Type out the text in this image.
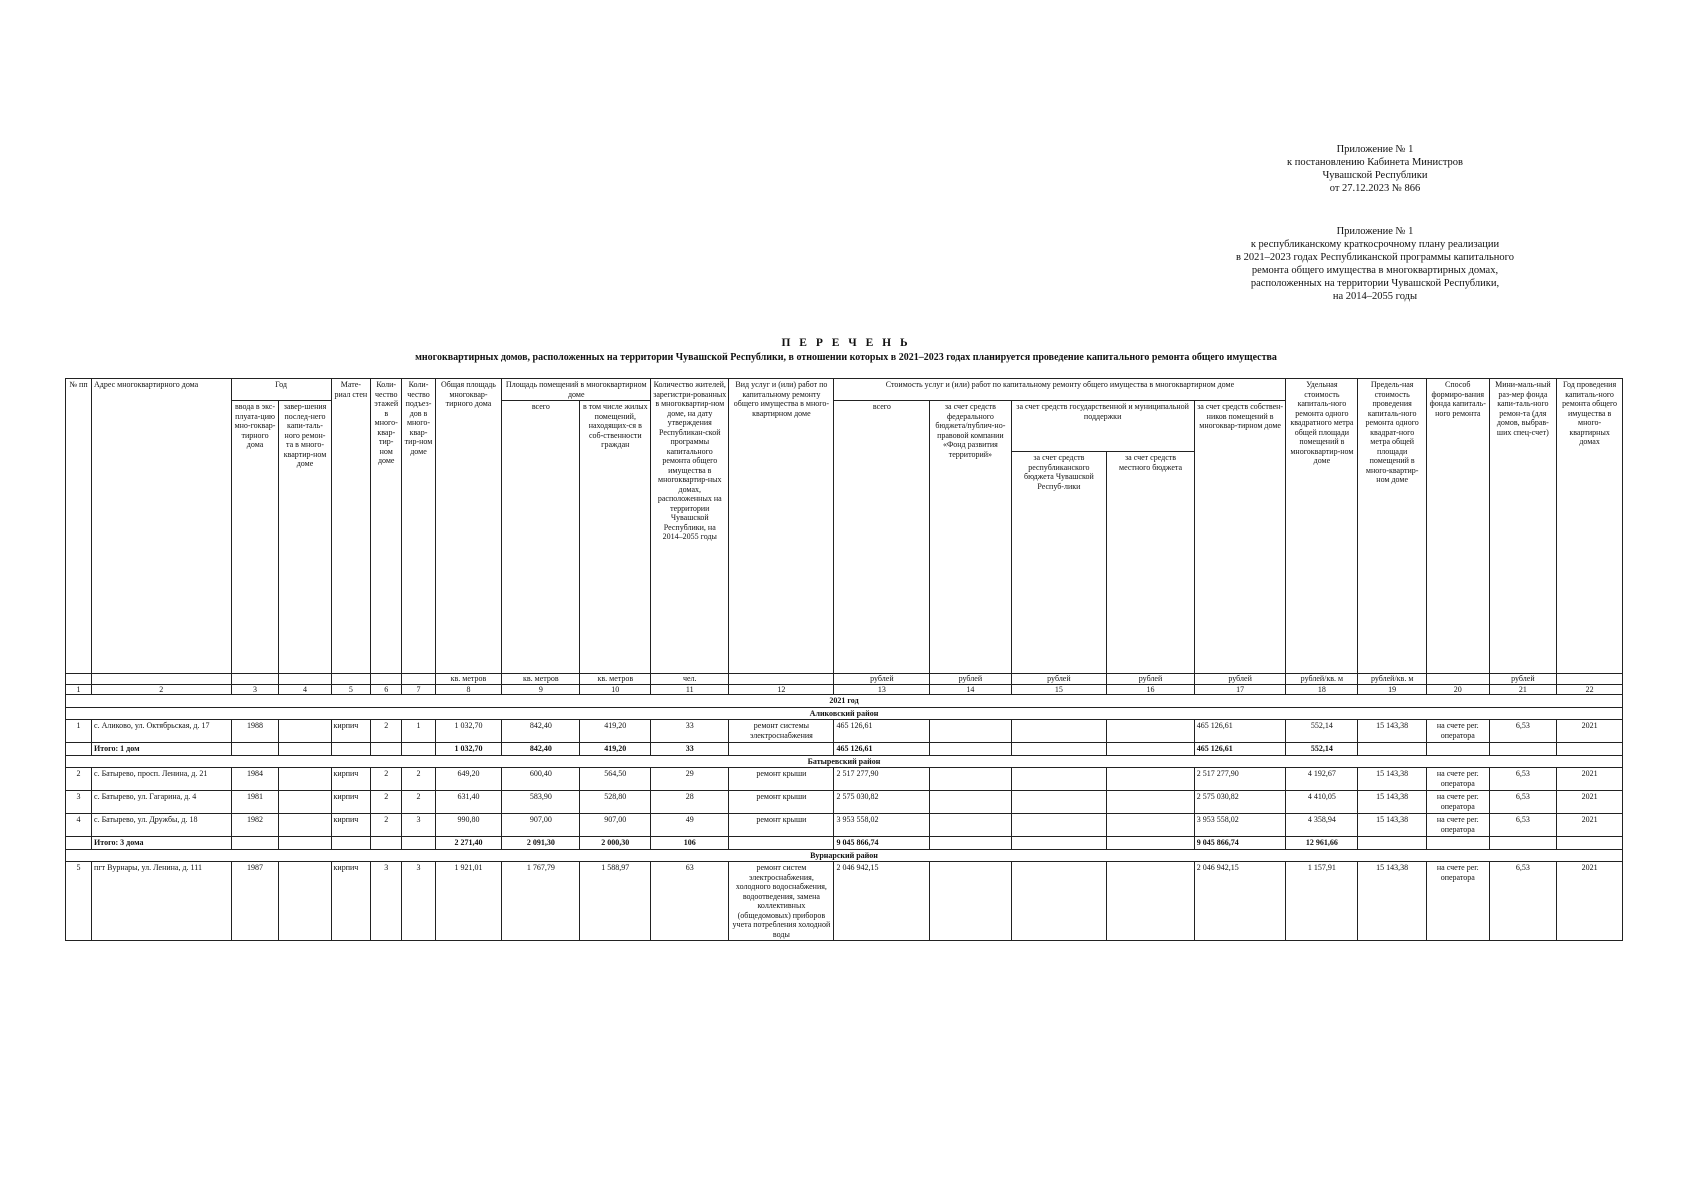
Приложение № 1
к постановлению Кабинета Министров
Чувашской Республики
от 27.12.2023 № 866
Приложение № 1
к республиканскому краткосрочному плану реализации
в 2021–2023 годах Республиканской программы капитального
ремонта общего имущества в многоквартирных домах,
расположенных на территории Чувашской Республики,
на 2014–2055 годы
П Е Р Е Ч Е Н Ь
многоквартирных домов, расположенных на территории Чувашской Республики, в отношении которых в 2021–2023 годах планируется проведение капитального ремонта общего имущества
№ пп	Адрес многоквартирного дома	Год		Мате-риал стен	Коли-чество этажей в много-квар-тир-ном доме	Коли-чество подъез-дов в много-квар-тир-ном доме	Общая площадь многоквар-тирного дома	Площадь помещений в многоквартирном доме		Количество жителей, зарегистри-рованных в многоквартир-ном доме, на дату утверждения Республикан-ской программы капитального ремонта общего имущества в многоквартир-ных домах, расположенных на территории Чувашской Республики, на 2014–2055 годы	Вид услуг и (или) работ по капитальному ремонту общего имущества в много-квартирном доме	Стоимость услуг и (или) работ по капитальному ремонту общего имущества в многоквартирном доме					Удельная стоимость капиталь-ного ремонта одного квадратного метра общей площади помещений в многоквартир-ном доме	Предель-ная стоимость проведения капиталь-ного ремонта одного квадрат-ного метра общей площади помещений в много-квартир-ном доме	Способ формиро-вания фонда капиталь-ного ремонта	Мини-маль-ный раз-мер фонда капи-таль-ного ремон-та (для домов, выбрав-ших спец-счет)	Год проведения капиталь-ного ремонта общего имущества в много-квартирных домах
		ввода в экс-плуата-цию мно-гоквар-тирного дома	завер-шения послед-него капи-таль-ного ремон-та в много-квартир-ном доме					всего	в том числе жилых помещений, находящих-ся в соб-ственности граждан			всего	за счет средств федерального бюджета/публич-но-правовой компании «Фонд развития территорий»	за счет средств государственной и муниципальной поддержки		за счет средств собствен-ников помещений в многоквар-тирном доме					
														за счет средств республиканского бюджета Чувашской Респуб-лики	за счет средств местного бюджета						
							кв. метров	кв. метров	кв. метров	чел.		рублей	рублей	рублей	рублей	рублей	рублей/кв. м	рублей/кв. м		рублей	
1	2	3	4	5	6	7	8	9	10	11	12	13	14	15	16	17	18	19	20	21	22
2021 год																					
Аликовский район																					
1	с. Аликово, ул. Октябрьская, д. 17	1988		кирпич	2	1	1 032,70	842,40	419,20	33	ремонт системы электроснабжения	465 126,61				465 126,61	552,14	15 143,38	на счете рег. оператора	6,53	2021
	Итого: 1 дом						1 032,70	842,40	419,20	33		465 126,61				465 126,61	552,14				
Батыревский район																					
2	с. Батырево, просп. Ленина, д. 21	1984		кирпич	2	2	649,20	600,40	564,50	29	ремонт крыши	2 517 277,90				2 517 277,90	4 192,67	15 143,38	на счете рег. оператора	6,53	2021
3	с. Батырево, ул. Гагарина, д. 4	1981		кирпич	2	2	631,40	583,90	528,80	28	ремонт крыши	2 575 030,82				2 575 030,82	4 410,05	15 143,38	на счете рег. оператора	6,53	2021
4	с. Батырево, ул. Дружбы, д. 18	1982		кирпич	2	3	990,80	907,00	907,00	49	ремонт крыши	3 953 558,02				3 953 558,02	4 358,94	15 143,38	на счете рег. оператора	6,53	2021
	Итого: 3 дома						2 271,40	2 091,30	2 000,30	106		9 045 866,74				9 045 866,74	12 961,66				
Вурнарский район																					
5	пгт Вурнары, ул. Ленина, д. 111	1987		кирпич	3	3	1 921,01	1 767,79	1 588,97	63	ремонт систем электроснабжения, холодного водоснабжения, водоотведения, замена коллективных (общедомовых) приборов учета потребления холодной воды	2 046 942,15				2 046 942,15	1 157,91	15 143,38	на счете рег. оператора	6,53	2021
